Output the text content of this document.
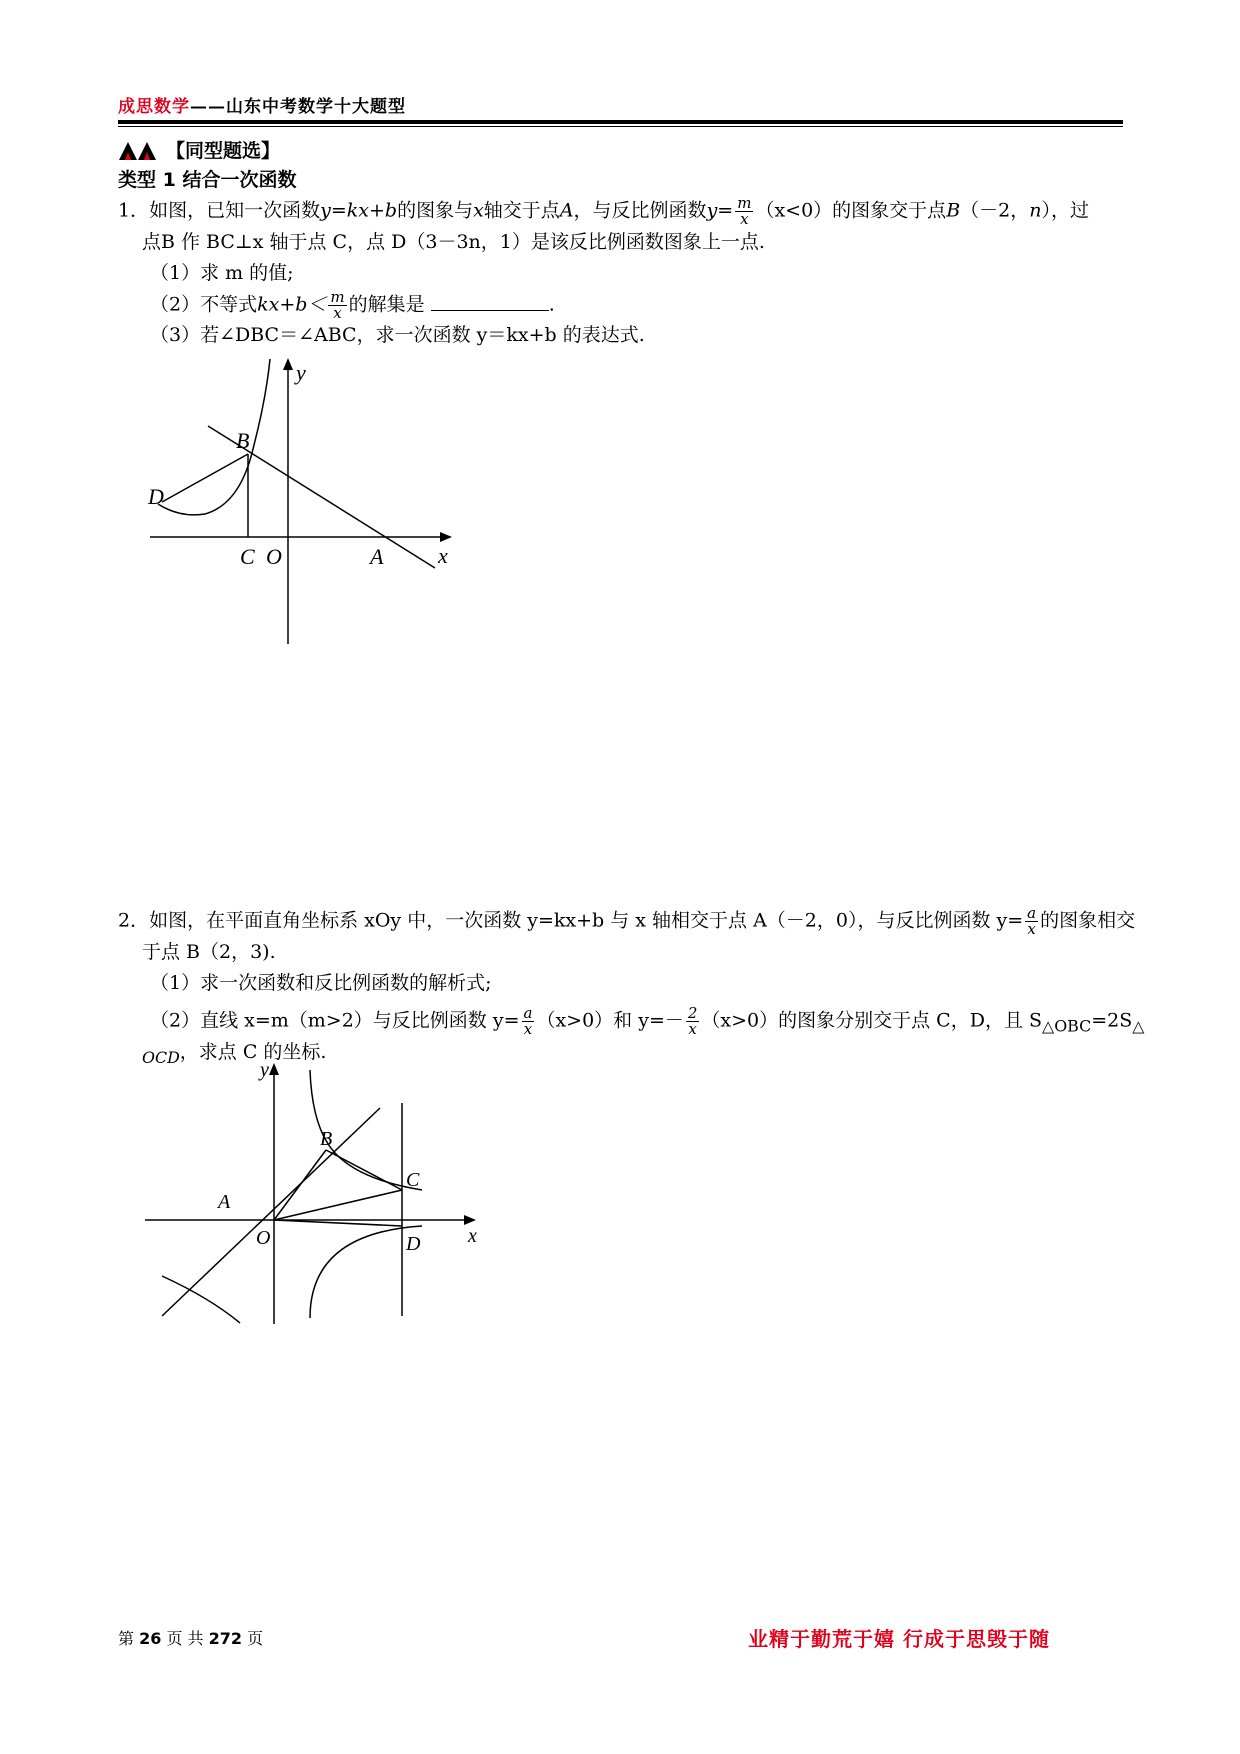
成思数学——山东中考数学十大题型
【同型题选】
类型 1 结合一次函数
1．如图，已知一次函数y=kx+b的图象与x轴交于点A，与反比例函数$y= \frac{m}{x} (x<0)$的图象交于点B（－2，n），过
点B 作 BC⊥x 轴于点 C，点 D（3－3n，1）是该反比例函数图象上一点.
（1）求 m 的值;
（2）不等式$kx+b< \frac{m}{x}$ 的解集是	.
（3）若∠DBC＝∠ABC，求一次函数 y＝kx+b 的表达式.
B
D
C O	A x
y
2．如图，在平面直角坐标系 xOy 中，一次函数 y=kx+b 与 x 轴相交于点 A（－2，0），与反比例函数 $y= \frac{a}{x}$ 的图象相交
于点 B（2，3).
（1）求一次函数和反比例函数的解析式;
（2）直线 x=m（m>2）与反比例函数 $y= \frac{a}{x} (x>0)$和 $y=- \frac{2}{x} (x>0)$的图象分别交于点 C，D，且 $S_{\triangle OBC}=2S_\triangle$
$_{OCD}$，求点 C 的坐标.
B
C
A
O	D x
y
第 26 页 共 272 页	业精于勤荒于嬉 行成于思毁于随
